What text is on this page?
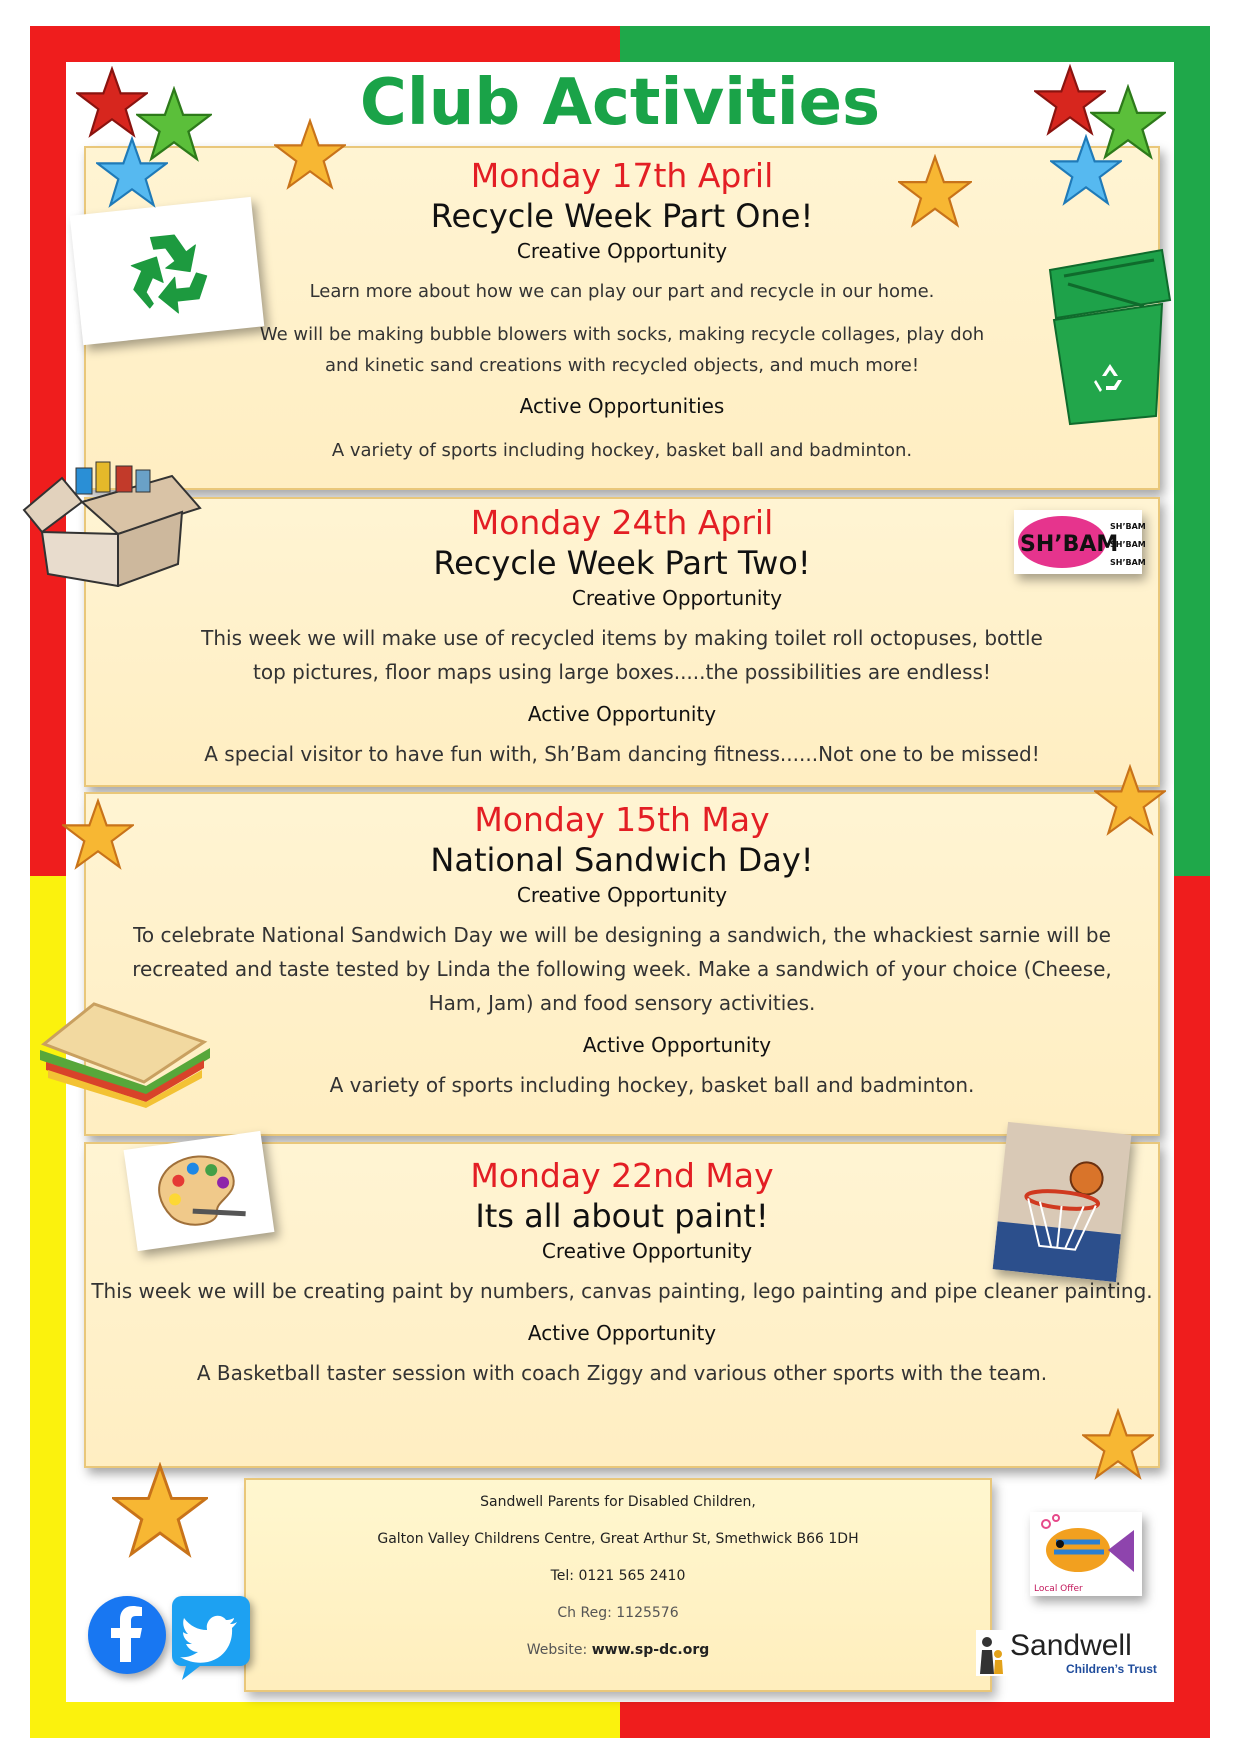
Club Activities
Monday 17th April
Recycle Week Part One!
Creative Opportunity
Learn more about how we can play our part and recycle in our home.
We will be making bubble blowers with socks, making recycle collages, play doh and kinetic sand creations with recycled objects, and much more!
Active Opportunities
A variety of sports including hockey, basket ball and badminton.
Monday 24th April
Recycle Week Part Two!
Creative Opportunity
This week we will make use of recycled items by making toilet roll octopuses, bottle top pictures, floor maps using large boxes.....the possibilities are endless!
Active Opportunity
A special visitor to have fun with, Sh’Bam dancing fitness......Not one to be missed!
Monday 15th May
National Sandwich Day!
Creative Opportunity
To celebrate National Sandwich Day we will be designing a sandwich, the whackiest sarnie will be recreated and taste tested by Linda the following week. Make a sandwich of your choice (Cheese, Ham, Jam) and food sensory activities.
Active Opportunity
A variety of sports including hockey, basket ball and badminton.
Monday 22nd May
Its all about paint!
Creative Opportunity
This week we will be creating paint by numbers, canvas painting, lego painting and pipe cleaner painting.
Active Opportunity
A Basketball taster session with coach Ziggy and various other sports with the team.
Sandwell Parents for Disabled Children,
Galton Valley Childrens Centre, Great Arthur St, Smethwick B66 1DH
Tel: 0121 565 2410
Ch Reg: 1125576
Website: www.sp-dc.org
SH’BAM
SH’BAM
SH’BAM
SH’BAM
Local Offer
Sandwell
Children’s Trust
